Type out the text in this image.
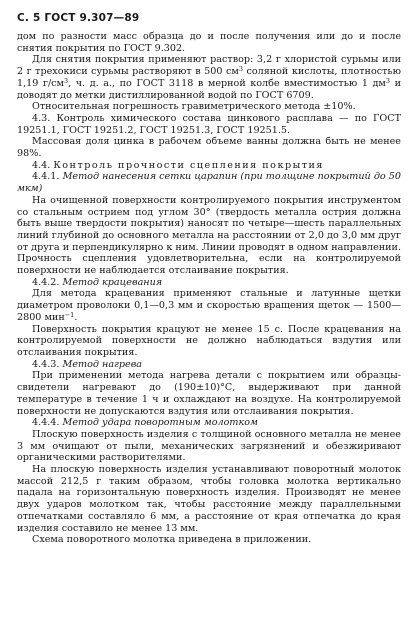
С. 5 ГОСТ 9.307—89

дом по разности масс образца до и после получения или до и после снятия покрытия по ГОСТ 9.302.

Для снятия покрытия применяют раствор: 3,2 г хлористой сурьмы или 2 г трехокиси сурьмы растворяют в 500 $см^3$ соляной кислоты, плотностью 1,19 $г/см^3$, ч. д. а., по ГОСТ 3118 в мерной колбе вместимостью 1 $дм^3$ и доводят до метки дистиллированной водой по ГОСТ 6709.

Относительная погрешность гравиметрического метода ±10%.

4.3. Контроль химического состава цинкового расплава — по ГОСТ 19251.1, ГОСТ 19251.2, ГОСТ 19251.3, ГОСТ 19251.5.

Массовая доля цинка в рабочем объеме ванны должна быть не менее 98%.

4.4. Контроль прочности сцепления покрытия

4.4.1. Метод нанесения сетки царапин (при толщине покрытий до 50 мкм)

На очищенной поверхности контролируемого покрытия инструментом со стальным острием под углом 30° (твердость металла острия должна быть выше твердости покрытия) наносят по четыре—шесть параллельных линий глубиной до основного металла на расстоянии от 2,0 до 3,0 мм друг от друга и перпендикулярно к ним. Линии проводят в одном направлении. Прочность сцепления удовлетворительна, если на контролируемой поверхности не наблюдается отслаивание покрытия.

4.4.2. Метод крацевания

Для метода крацевания применяют стальные и латунные щетки диаметром проволоки 0,1—0,3 мм и скоростью вращения щеток — 1500—2800 мин$^{-1}$.

Поверхность покрытия крацуют не менее 15 с. После крацевания на контролируемой поверхности не должно наблюдаться вздутия или отслаивания покрытия.

4.4.3. Метод нагрева

При применении метода нагрева детали с покрытием или образцы-свидетели нагревают до (190±10)°С, выдерживают при данной температуре в течение 1 ч и охлаждают на воздухе. На контролируемой поверхности не допускаются вздутия или отслаивания покрытия.

4.4.4. Метод удара поворотным молотком

Плоскую поверхность изделия с толщиной основного металла не менее 3 мм очищают от пыли, механических загрязнений и обезжиривают органическими растворителями.

На плоскую поверхность изделия устанавливают поворотный молоток массой 212,5 г таким образом, чтобы головка молотка вертикально падала на горизонтальную поверхность изделия. Производят не менее двух ударов молотком так, чтобы расстояние между параллельными отпечатками составляло 6 мм, а расстояние от края отпечатка до края изделия составило не менее 13 мм.

Схема поворотного молотка приведена в приложении.
